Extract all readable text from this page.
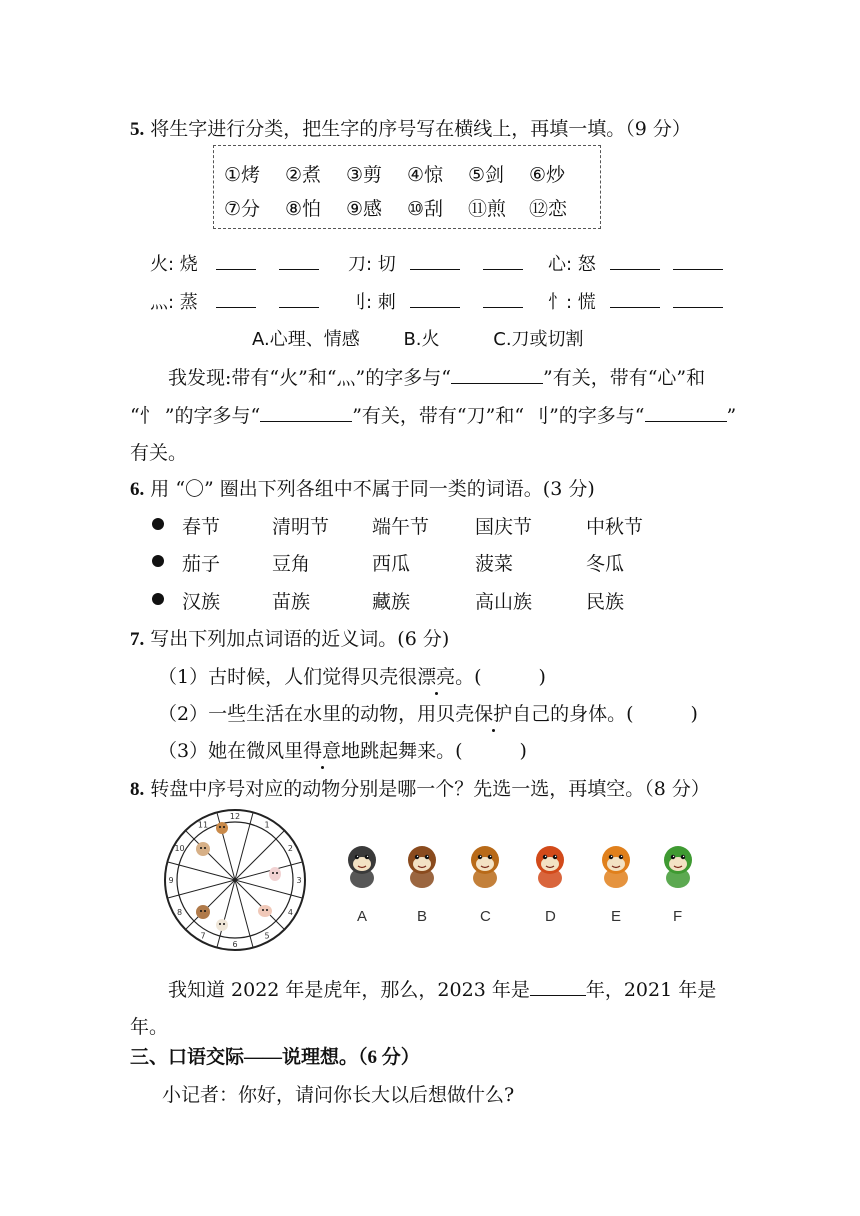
5. 将生字进行分类，把生字的序号写在横线上，再填一填。（9 分）
①烤 ②煮 ③剪 ④惊 ⑤剑 ⑥炒
⑦分 ⑧怕 ⑨感 ⑩刮 ⑪煎 ⑫恋
火: 烧	刀: 切	心: 怒
灬: 蒸	刂: 刺	忄: 慌
A.心理、情感 B.火	C.刀或切割
我发现:带有“火”和“灬”的字多与“	”有关，带有“心”和
“忄 ”的字多与“	”有关，带有“刀”和“ 刂”的字多与“	”
有关。
6. 用 “〇” 圈出下列各组中不属于同一类的词语。(3 分)
春节	清明节 端午节 国庆节	中秋节
茄子	豆角	西瓜	菠菜	冬瓜
汉族	苗族	藏族	高山族	民族
7. 写出下列加点词语的近义词。(6 分)
（1）古时候，人们觉得贝壳很漂亮。(　　　)
（2）一些生活在水里的动物，用贝壳保护自己的身体。(　　　)
（3）她在微风里得意地跳起舞来。(　　　)
8. 转盘中序号对应的动物分别是哪一个？先选一选，再填空。（8 分）
1
2
3
4
5
6
7
8
9
10
11
12
A	B	C	D	E	F
我知道 2022 年是虎年，那么，2023 年是	年，2021 年是
年。
三、口语交际——说理想。（6 分）
小记者：你好，请问你长大以后想做什么?
